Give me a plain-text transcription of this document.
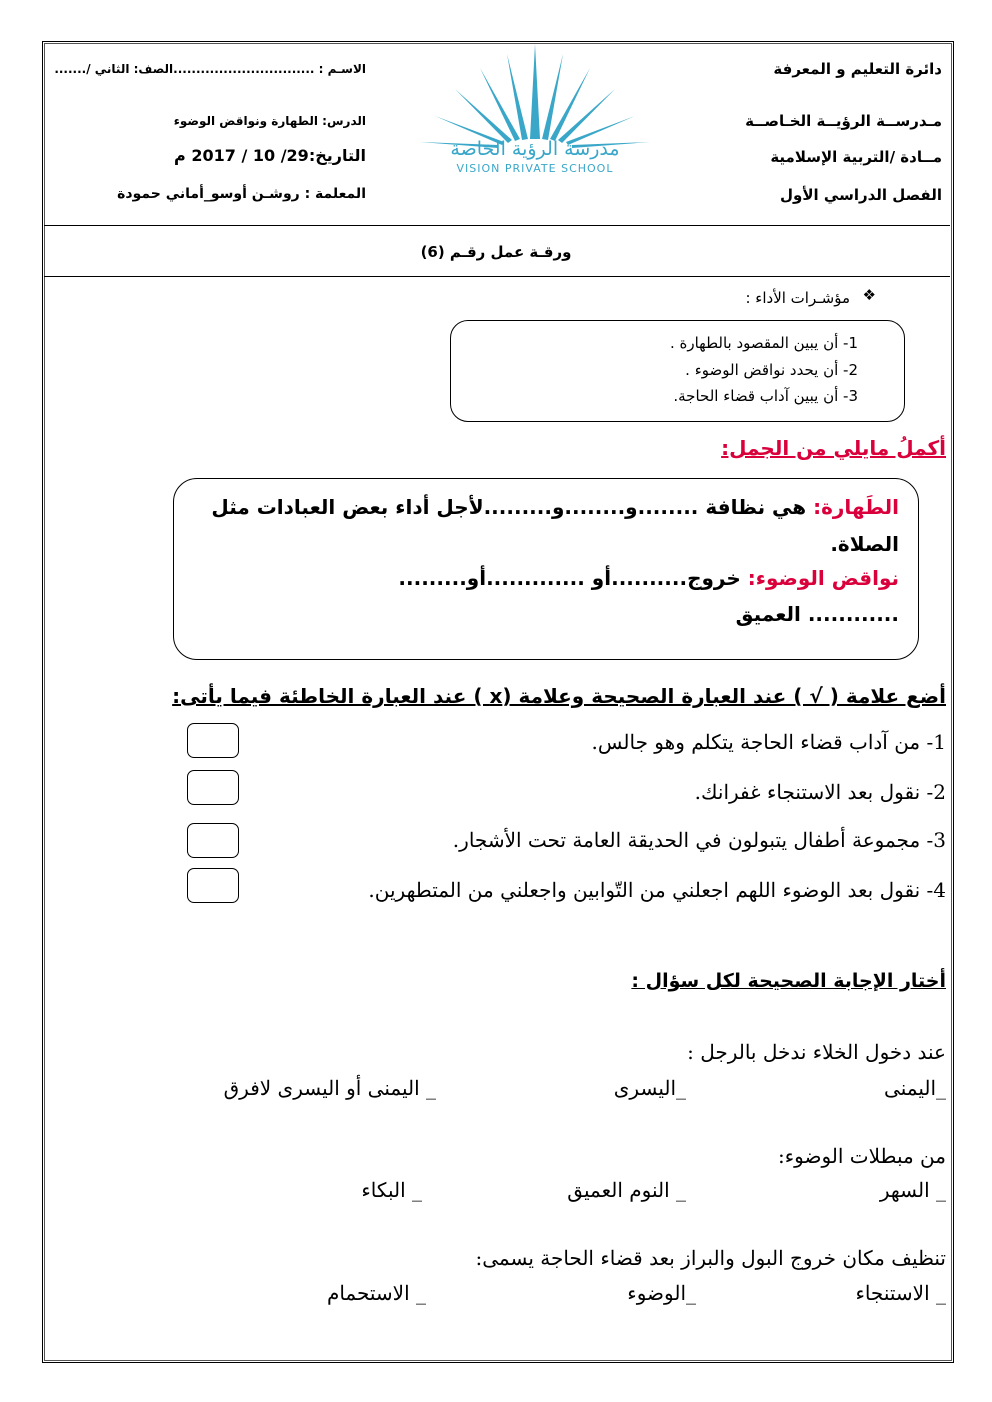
دائرة التعليم و المعرفة
مـدرســة الرؤيــة الخـاصــة
مــادة /التربية الإسلامية
الفصل الدراسي الأول
الاسـم : ...............................الصف: الثاني /.......
الدرس: الطهارة ونواقض الوضوء
التاريخ:29/ 10 / 2017 م
المعلمة : روشـن أوسو_أماني حمودة
مدرسة الرؤية الخاصة
VISION PRIVATE SCHOOL
ورقـة عمل رقـم (6)
❖
مؤشـرات الأداء :
1- أن يبين المقصود بالطهارة .
2- أن يحدد نواقض الوضوء .
3- أن يبين آداب قضاء الحاجة.
أكملُ مايلي من الجمل:
الطَهارة: هي نظافة ........و........و.........لأجل أداء بعض العبادات مثل
الصلاة.
نواقض الوضوء: خروج..........أو .............أو.........
............ العميق
أضع علامة ( √ ) عند العبارة الصحيحة وعلامة (x ) عند العبارة الخاطئة فيما يأتى:
1- من آداب قضاء الحاجة يتكلم وهو جالس.
2- نقول بعد الاستنجاء غفرانك.
3- مجموعة أطفال يتبولون في الحديقة العامة تحت الأشجار.
4- نقول بعد الوضوء اللهم اجعلني من التّوابين واجعلني من المتطهرين.
أختار الإجابة الصحيحة لكل سؤال :
عند دخول الخلاء ندخل بالرجل :
_اليمنى
_اليسرى
_ اليمنى أو اليسرى لافرق
من مبطلات الوضوء:
_ السهر
_ النوم العميق
_ البكاء
تنظيف مكان خروج البول والبراز بعد قضاء الحاجة يسمى:
_ الاستنجاء
_الوضوء
_ الاستحمام
